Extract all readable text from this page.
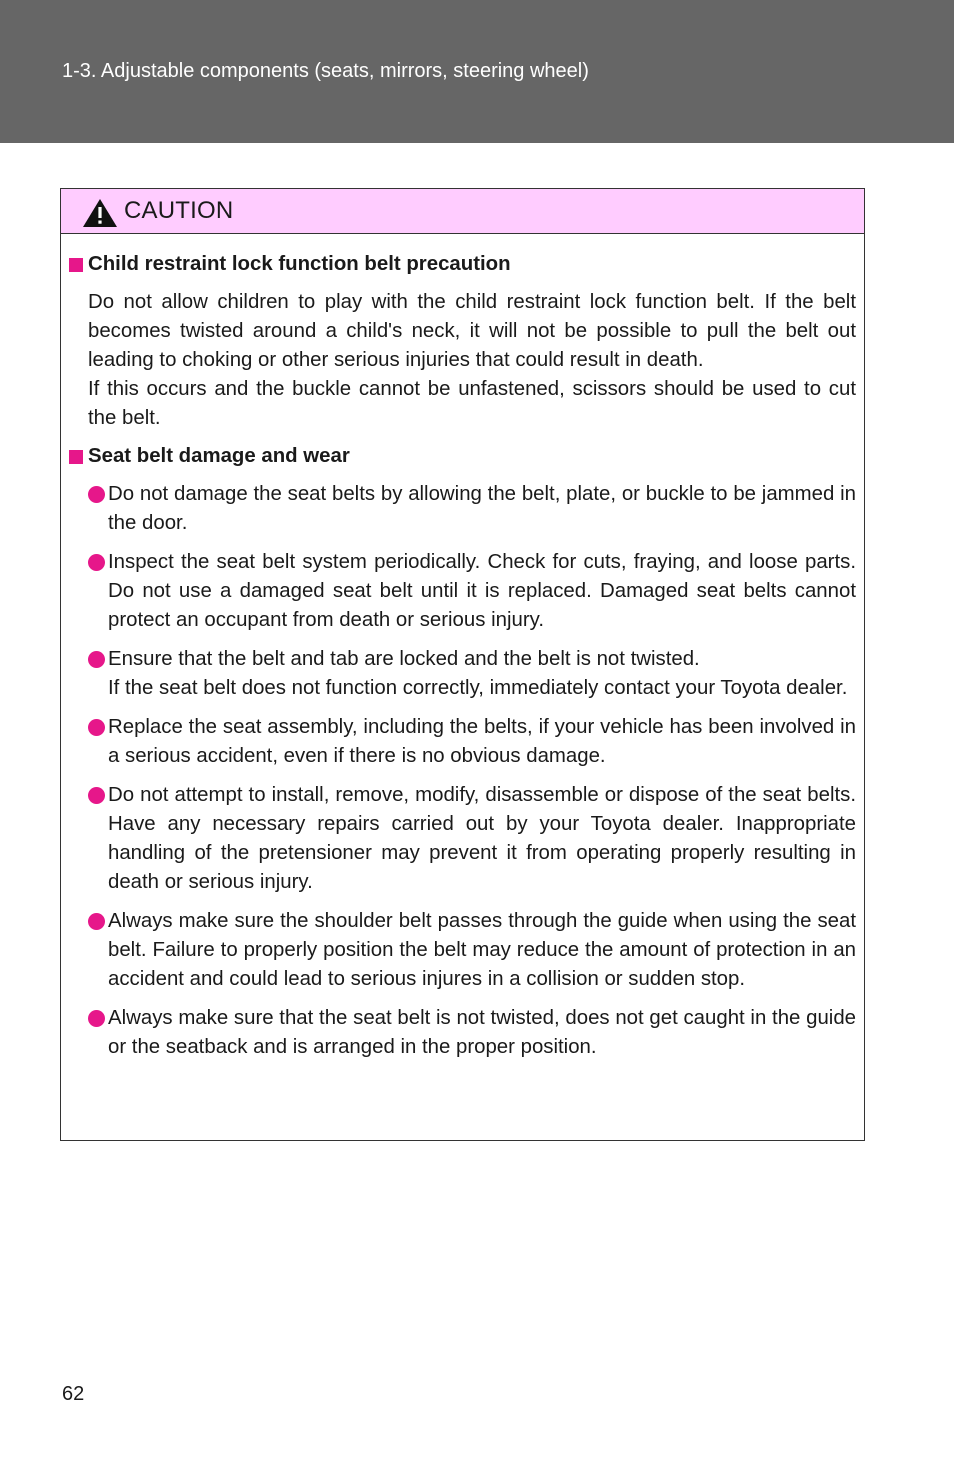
1-3. Adjustable components (seats, mirrors, steering wheel)
CAUTION
Child restraint lock function belt precaution

Do not allow children to play with the child restraint lock function belt. If the belt becomes twisted around a child's neck, it will not be possible to pull the belt out leading to choking or other serious injuries that could result in death.

If this occurs and the buckle cannot be unfastened, scissors should be used to cut the belt.

Seat belt damage and wear

Do not damage the seat belts by allowing the belt, plate, or buckle to be jammed in the door.

Inspect the seat belt system periodically. Check for cuts, fraying, and loose parts. Do not use a damaged seat belt until it is replaced. Damaged seat belts cannot protect an occupant from death or serious injury.

Ensure that the belt and tab are locked and the belt is not twisted.

If the seat belt does not function correctly, immediately contact your Toyota dealer.

Replace the seat assembly, including the belts, if your vehicle has been involved in a serious accident, even if there is no obvious damage.

Do not attempt to install, remove, modify, disassemble or dispose of the seat belts. Have any necessary repairs carried out by your Toyota dealer. Inappropriate handling of the pretensioner may prevent it from operating properly resulting in death or serious injury.

Always make sure the shoulder belt passes through the guide when using the seat belt. Failure to properly position the belt may reduce the amount of protection in an accident and could lead to serious injures in a collision or sudden stop.

Always make sure that the seat belt is not twisted, does not get caught in the guide or the seatback and is arranged in the proper position.

62
